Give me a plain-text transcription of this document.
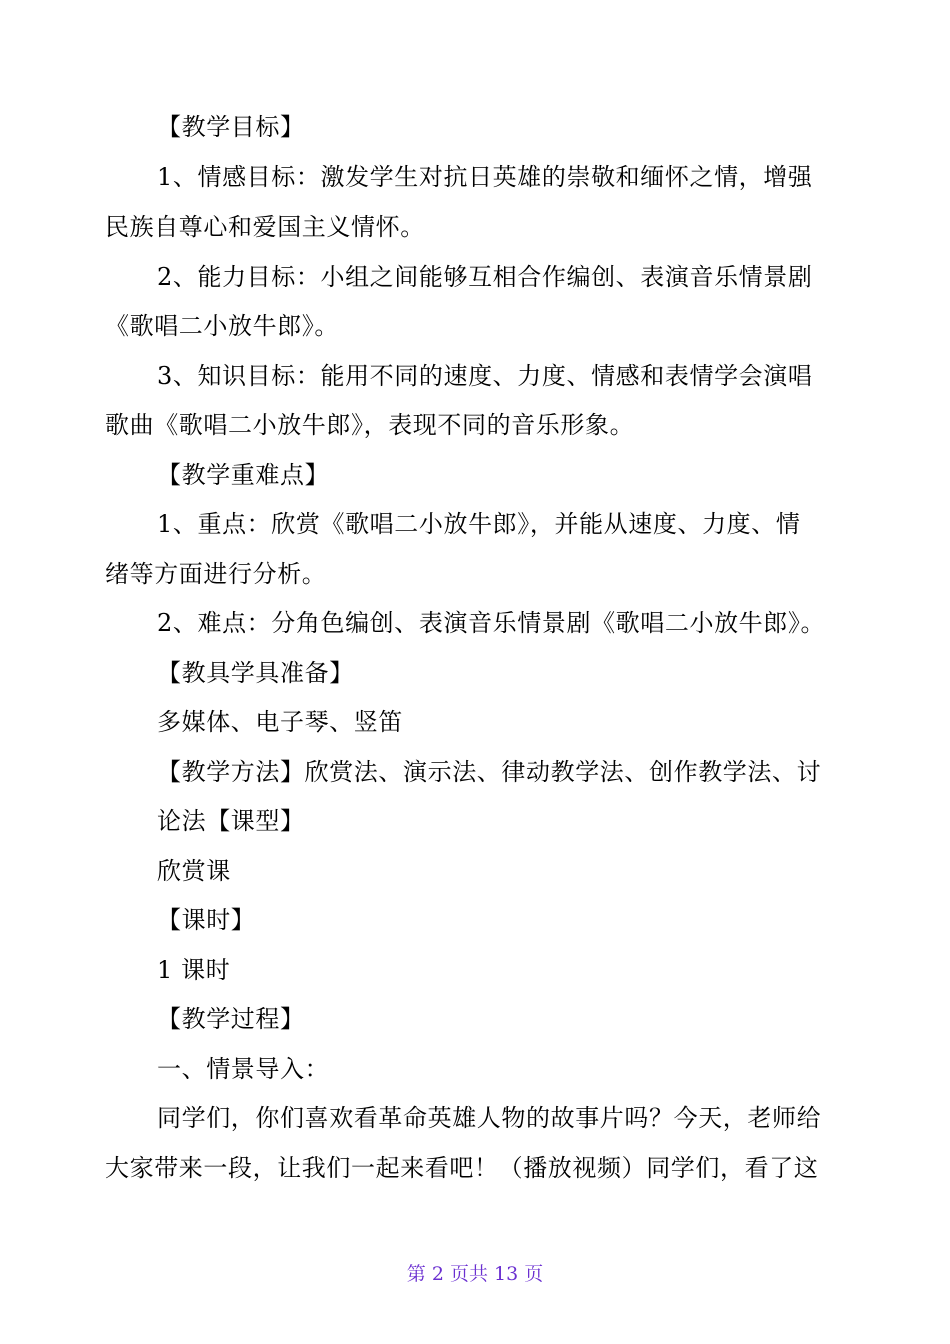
【教学目标】
1、情感目标：激发学生对抗日英雄的崇敬和缅怀之情，增强
民族自尊心和爱国主义情怀。
2、能力目标：小组之间能够互相合作编创、表演音乐情景剧
《歌唱二小放牛郎》。
3、知识目标：能用不同的速度、力度、情感和表情学会演唱
歌曲《歌唱二小放牛郎》，表现不同的音乐形象。
【教学重难点】
1、重点：欣赏《歌唱二小放牛郎》，并能从速度、力度、情
绪等方面进行分析。
2、难点：分角色编创、表演音乐情景剧《歌唱二小放牛郎》。
【教具学具准备】
多媒体、电子琴、竖笛
【教学方法】欣赏法、演示法、律动教学法、创作教学法、讨
论法【课型】
欣赏课
【课时】
1 课时
【教学过程】
一、情景导入：
同学们，你们喜欢看革命英雄人物的故事片吗？今天，老师给
大家带来一段，让我们一起来看吧！（播放视频）同学们，看了这
第 2 页共 13 页
